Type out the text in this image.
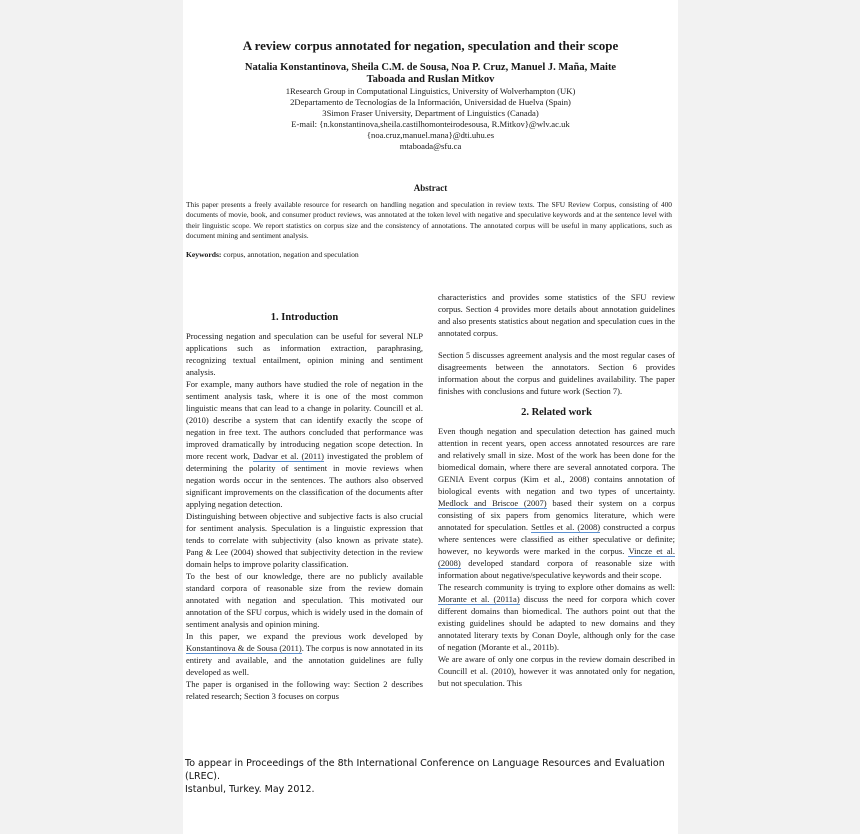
A review corpus annotated for negation, speculation and their scope
Natalia Konstantinova, Sheila C.M. de Sousa, Noa P. Cruz, Manuel J. Maña, Maite
Taboada and Ruslan Mitkov
1Research Group in Computational Linguistics, University of Wolverhampton (UK)
2Departamento de Tecnologías de la Información, Universidad de Huelva (Spain)
3Simon Fraser University, Department of Linguistics (Canada)
E-mail: {n.konstantinova,sheila.castilhomonteirodesousa, R.Mitkov}@wlv.ac.uk
{noa.cruz,manuel.mana}@dti.uhu.es
mtaboada@sfu.ca
Abstract
This paper presents a freely available resource for research on handling negation and speculation in review texts. The SFU Review Corpus, consisting of 400 documents of movie, book, and consumer product reviews, was annotated at the token level with negative and speculative keywords and at the sentence level with their linguistic scope. We report statistics on corpus size and the consistency of annotations. The annotated corpus will be useful in many applications, such as document mining and sentiment analysis.
Keywords: corpus, annotation, negation and speculation
1. Introduction

Processing negation and speculation can be useful for several NLP applications such as information extraction, paraphrasing, recognizing textual entailment, opinion mining and sentiment analysis.

For example, many authors have studied the role of negation in the sentiment analysis task, where it is one of the most common linguistic means that can lead to a change in polarity. Councill et al. (2010) describe a system that can identify exactly the scope of negation in free text. The authors concluded that performance was improved dramatically by introducing negation scope detection. In more recent work, Dadvar et al. (2011) investigated the problem of determining the polarity of sentiment in movie reviews when negation words occur in the sentences. The authors also observed significant improvements on the classification of the documents after applying negation detection.

Distinguishing between objective and subjective facts is also crucial for sentiment analysis. Speculation is a linguistic expression that tends to correlate with subjectivity (also known as private state). Pang & Lee (2004) showed that subjectivity detection in the review domain helps to improve polarity classification.

To the best of our knowledge, there are no publicly available standard corpora of reasonable size from the review domain annotated with negation and speculation. This motivated our annotation of the SFU corpus, which is widely used in the domain of sentiment analysis and opinion mining.

In this paper, we expand the previous work developed by Konstantinova & de Sousa (2011). The corpus is now annotated in its entirety and available, and the annotation guidelines are fully developed as well.

The paper is organised in the following way: Section 2 describes related research; Section 3 focuses on corpus

characteristics and provides some statistics of the SFU review corpus. Section 4 provides more details about annotation guidelines and also presents statistics about negation and speculation cues in the annotated corpus.

Section 5 discusses agreement analysis and the most regular cases of disagreements between the annotators. Section 6 provides information about the corpus and guidelines availability. The paper finishes with conclusions and future work (Section 7).

2. Related work

Even though negation and speculation detection has gained much attention in recent years, open access annotated resources are rare and relatively small in size. Most of the work has been done for the biomedical domain, where there are several annotated corpora. The GENIA Event corpus (Kim et al., 2008) contains annotation of biological events with negation and two types of uncertainty. Medlock and Briscoe (2007) based their system on a corpus consisting of six papers from genomics literature, which were annotated for speculation. Settles et al. (2008) constructed a corpus where sentences were classified as either speculative or definite; however, no keywords were marked in the corpus. Vincze et al. (2008) developed standard corpora of reasonable size with information about negative/speculative keywords and their scope.

The research community is trying to explore other domains as well: Morante et al. (2011a) discuss the need for corpora which cover different domains than biomedical. The authors point out that the existing guidelines should be adapted to new domains and they annotated literary texts by Conan Doyle, although only for the case of negation (Morante et al., 2011b).

We are aware of only one corpus in the review domain described in Councill et al. (2010), however it was annotated only for negation, but not speculation. This

To appear in Proceedings of the 8th International Conference on Language Resources and Evaluation (LREC).
Istanbul, Turkey. May 2012.
